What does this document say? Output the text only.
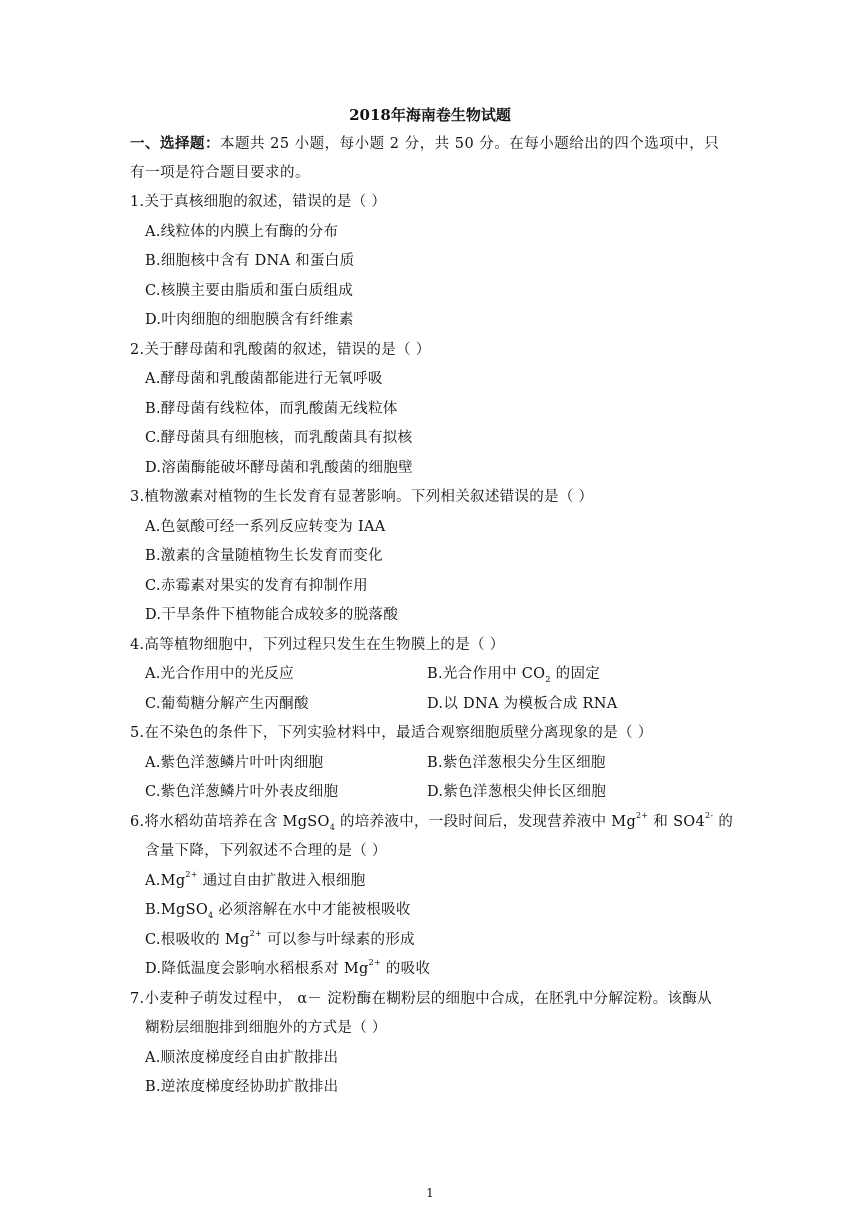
2018年海南卷生物试题
一、选择题：本题共 25 小题，每小题 2 分，共 50 分。在每小题给出的四个选项中，只
有一项是符合题目要求的。
1.关于真核细胞的叙述，错误的是（ ）
A.线粒体的内膜上有酶的分布
B.细胞核中含有 DNA 和蛋白质
C.核膜主要由脂质和蛋白质组成
D.叶肉细胞的细胞膜含有纤维素
2.关于酵母菌和乳酸菌的叙述，错误的是（ ）
A.酵母菌和乳酸菌都能进行无氧呼吸
B.酵母菌有线粒体，而乳酸菌无线粒体
C.酵母菌具有细胞核，而乳酸菌具有拟核
D.溶菌酶能破坏酵母菌和乳酸菌的细胞壁
3.植物激素对植物的生长发育有显著影响。下列相关叙述错误的是（ ）
A.色氨酸可经一系列反应转变为 IAA
B.激素的含量随植物生长发育而变化
C.赤霉素对果实的发育有抑制作用
D.干旱条件下植物能合成较多的脱落酸
4.高等植物细胞中，下列过程只发生在生物膜上的是（ ）
A.光合作用中的光反应	B.光合作用中 $CO_2$ 的固定
C.葡萄糖分解产生丙酮酸	D.以 DNA 为模板合成 RNA
5.在不染色的条件下，下列实验材料中，最适合观察细胞质壁分离现象的是（ ）
A.紫色洋葱鳞片叶叶肉细胞	B.紫色洋葱根尖分生区细胞
C.紫色洋葱鳞片叶外表皮细胞	D.紫色洋葱根尖伸长区细胞
6.将水稻幼苗培养在含 MgSO$_4$ 的培养液中，一段时间后，发现营养液中 $Mg^{2+}$ 和 $SO4^{2-}$ 的
含量下降，下列叙述不合理的是（ ）
$A.Mg^{2+}$ 通过自由扩散进入根细胞
B.MgSO$_4$ 必须溶解在水中才能被根吸收
C.根吸收的 $Mg^{2+}$ 可以参与叶绿素的形成
D.降低温度会影响水稻根系对 $Mg^{2+}$ 的吸收
7.小麦种子萌发过程中， α－ 淀粉酶在糊粉层的细胞中合成，在胚乳中分解淀粉。该酶从
糊粉层细胞排到细胞外的方式是（ ）
A.顺浓度梯度经自由扩散排出
B.逆浓度梯度经协助扩散排出
1
